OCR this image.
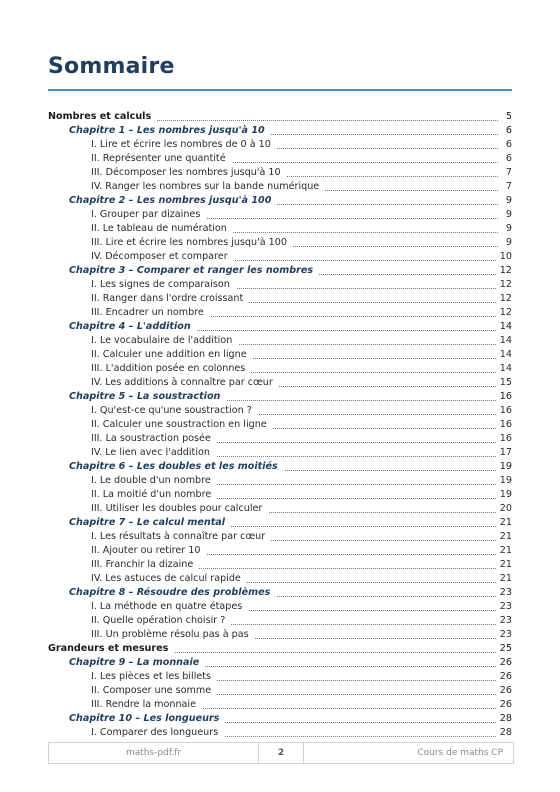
Sommaire
Nombres et calculs	5
Chapitre 1 – Les nombres jusqu'à 10	6
I. Lire et écrire les nombres de 0 à 10	6
II. Représenter une quantité	6
III. Décomposer les nombres jusqu'à 10	7
IV. Ranger les nombres sur la bande numérique	7
Chapitre 2 – Les nombres jusqu'à 100	9
I. Grouper par dizaines	9
II. Le tableau de numération	9
III. Lire et écrire les nombres jusqu'à 100	9
IV. Décomposer et comparer	10
Chapitre 3 – Comparer et ranger les nombres	12
I. Les signes de comparaison	12
II. Ranger dans l'ordre croissant	12
III. Encadrer un nombre	12
Chapitre 4 – L'addition	14
I. Le vocabulaire de l'addition	14
II. Calculer une addition en ligne	14
III. L'addition posée en colonnes	14
IV. Les additions à connaître par cœur	15
Chapitre 5 – La soustraction	16
I. Qu'est-ce qu'une soustraction ?	16
II. Calculer une soustraction en ligne	16
III. La soustraction posée	16
IV. Le lien avec l'addition	17
Chapitre 6 – Les doubles et les moitiés	19
I. Le double d'un nombre	19
II. La moitié d'un nombre	19
III. Utiliser les doubles pour calculer	20
Chapitre 7 – Le calcul mental	21
I. Les résultats à connaître par cœur	21
II. Ajouter ou retirer 10	21
III. Franchir la dizaine	21
IV. Les astuces de calcul rapide	21
Chapitre 8 – Résoudre des problèmes	23
I. La méthode en quatre étapes	23
II. Quelle opération choisir ?	23
III. Un problème résolu pas à pas	23
Grandeurs et mesures	25
Chapitre 9 – La monnaie	26
I. Les pièces et les billets	26
II. Composer une somme	26
III. Rendre la monnaie	26
Chapitre 10 – Les longueurs	28
I. Comparer des longueurs	28
maths-pdf.fr	2	Cours de maths CP
